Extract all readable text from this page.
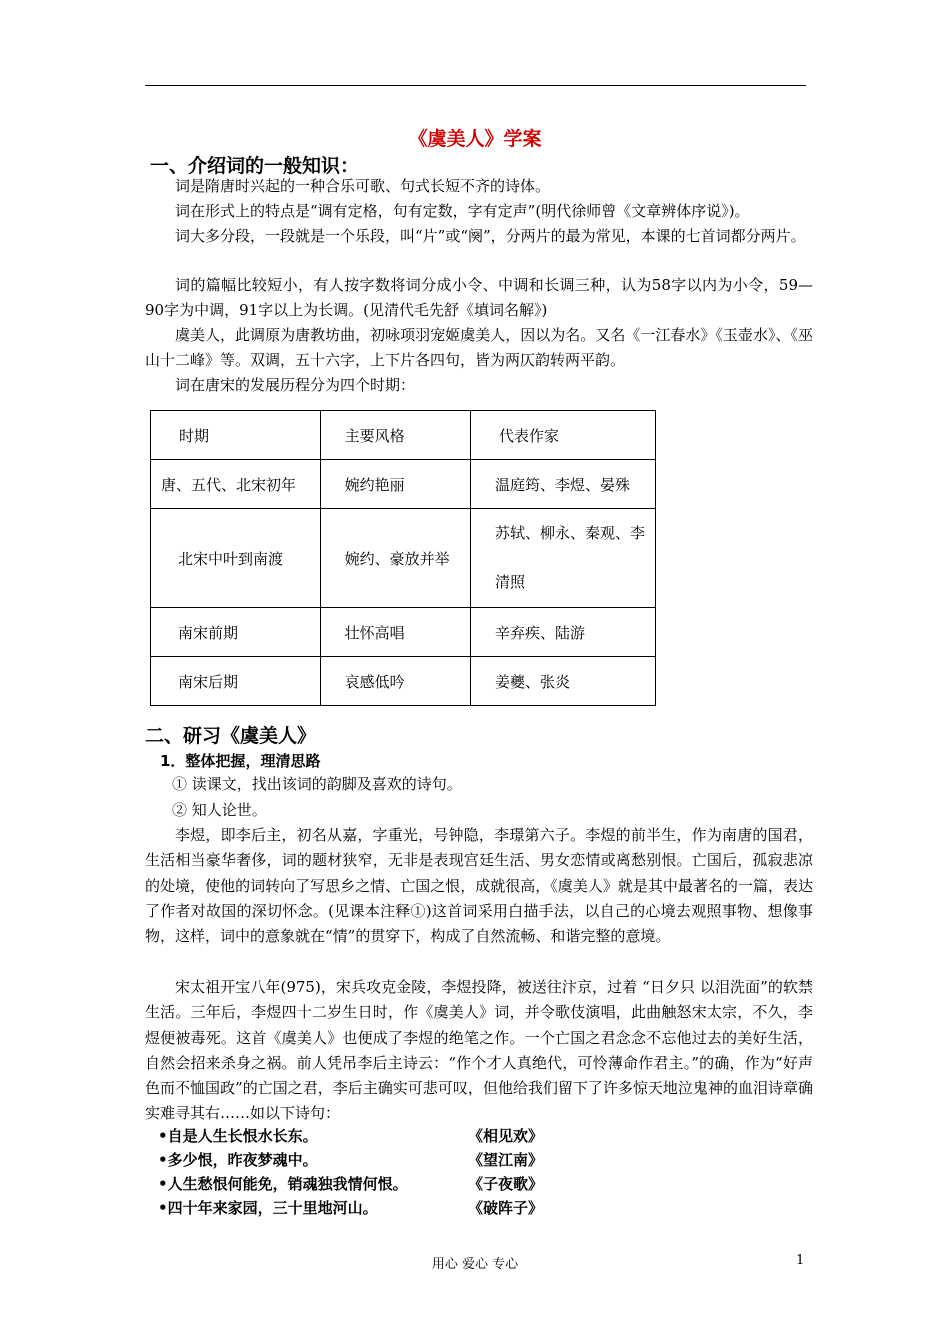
《虞美人》学案
一、介绍词的一般知识：

词是隋唐时兴起的一种合乐可歌、句式长短不齐的诗体。

词在形式上的特点是“调有定格，句有定数，字有定声”(明代徐师曾《文章辨体序说》)。

词大多分段，一段就是一个乐段，叫“片”或“阕”，分两片的最为常见，本课的七首词都分两片。

词的篇幅比较短小，有人按字数将词分成小令、中调和长调三种，认为58字以内为小令，59—90字为中调，91字以上为长调。(见清代毛先舒《填词名解》)

虞美人，此调原为唐教坊曲，初咏项羽宠姬虞美人，因以为名。又名《一江春水》《玉壶水》、《巫山十二峰》等。双调，五十六字，上下片各四句，皆为两仄韵转两平韵。

词在唐宋的发展历程分为四个时期：

时期	主要风格	代表作家
唐、五代、北宋初年	婉约艳丽	温庭筠、李煜、晏殊
北宋中叶到南渡	婉约、豪放并举	苏轼、柳永、秦观、李清照
南宋前期	壮怀高唱	辛弃疾、陆游
南宋后期	哀感低吟	姜夔、张炎
二、研习《虞美人》
1．整体把握，理清思路
① 读课文，找出该词的韵脚及喜欢的诗句。
② 知人论世。

李煜，即李后主，初名从嘉，字重光，号钟隐，李璟第六子。李煜的前半生，作为南唐的国君，生活相当豪华奢侈，词的题材狭窄，无非是表现宫廷生活、男女恋情或离愁别恨。亡国后，孤寂悲凉的处境，使他的词转向了写思乡之情、亡国之恨，成就很高，《虞美人》就是其中最著名的一篇，表达了作者对故国的深切怀念。(见课本注释①)这首词采用白描手法，以自己的心境去观照事物、想像事物，这样，词中的意象就在“情”的贯穿下，构成了自然流畅、和谐完整的意境。

宋太祖开宝八年(975)，宋兵攻克金陵，李煜投降，被送往汴京，过着 “日夕只 以泪洗面”的软禁生活。三年后，李煜四十二岁生日时，作《虞美人》词，并令歌伎演唱，此曲触怒宋太宗，不久，李煜便被毒死。这首《虞美人》也便成了李煜的绝笔之作。一个亡国之君念念不忘他过去的美好生活，自然会招来杀身之祸。前人凭吊李后主诗云：“作个才人真绝代，可怜薄命作君主。”的确，作为“好声色而不恤国政”的亡国之君，李后主确实可悲可叹，但他给我们留下了许多惊天地泣鬼神的血泪诗章确实难寻其右……如以下诗句：

•自是人生长恨水长东。	《相见欢》
•多少恨，昨夜梦魂中。	《望江南》
•人生愁恨何能免，销魂独我情何恨。	《子夜歌》
•四十年来家园，三十里地河山。	《破阵子》
用心 爱心 专心	1
